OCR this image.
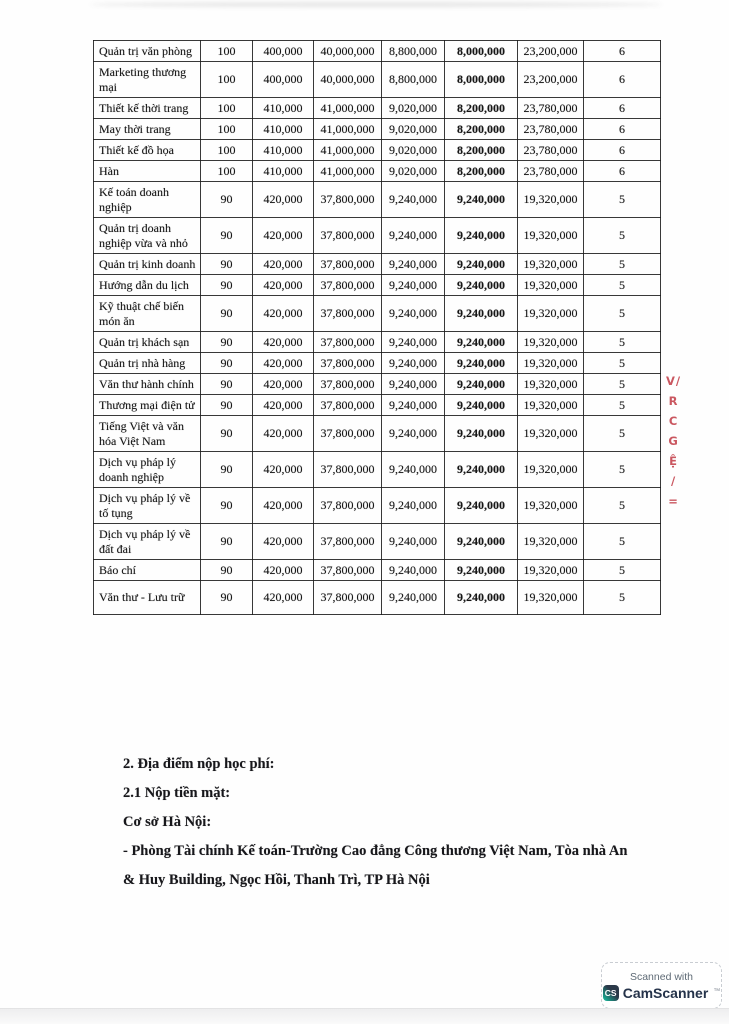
Quản trị văn phòng	100	400,000	40,000,000	8,800,000	8,000,000	23,200,000	6
Marketing thương mại	100	400,000	40,000,000	8,800,000	8,000,000	23,200,000	6
Thiết kế thời trang	100	410,000	41,000,000	9,020,000	8,200,000	23,780,000	6
May thời trang	100	410,000	41,000,000	9,020,000	8,200,000	23,780,000	6
Thiết kế đồ họa	100	410,000	41,000,000	9,020,000	8,200,000	23,780,000	6
Hàn	100	410,000	41,000,000	9,020,000	8,200,000	23,780,000	6
Kế toán doanh nghiệp	90	420,000	37,800,000	9,240,000	9,240,000	19,320,000	5
Quản trị doanh nghiệp vừa và nhỏ	90	420,000	37,800,000	9,240,000	9,240,000	19,320,000	5
Quản trị kinh doanh	90	420,000	37,800,000	9,240,000	9,240,000	19,320,000	5
Hướng dẫn du lịch	90	420,000	37,800,000	9,240,000	9,240,000	19,320,000	5
Kỹ thuật chế biến món ăn	90	420,000	37,800,000	9,240,000	9,240,000	19,320,000	5
Quản trị khách sạn	90	420,000	37,800,000	9,240,000	9,240,000	19,320,000	5
Quản trị nhà hàng	90	420,000	37,800,000	9,240,000	9,240,000	19,320,000	5
Văn thư hành chính	90	420,000	37,800,000	9,240,000	9,240,000	19,320,000	5
Thương mại điện tử	90	420,000	37,800,000	9,240,000	9,240,000	19,320,000	5
Tiếng Việt và văn hóa Việt Nam	90	420,000	37,800,000	9,240,000	9,240,000	19,320,000	5
Dịch vụ pháp lý doanh nghiệp	90	420,000	37,800,000	9,240,000	9,240,000	19,320,000	5
Dịch vụ pháp lý về tố tụng	90	420,000	37,800,000	9,240,000	9,240,000	19,320,000	5
Dịch vụ pháp lý về đất đai	90	420,000	37,800,000	9,240,000	9,240,000	19,320,000	5
Báo chí	90	420,000	37,800,000	9,240,000	9,240,000	19,320,000	5
Văn thư - Lưu trữ	90	420,000	37,800,000	9,240,000	9,240,000	19,320,000	5

2. Địa điểm nộp học phí:

2.1 Nộp tiền mặt:

Cơ sở Hà Nội:

- Phòng Tài chính Kế toán-Trường Cao đẳng Công thương Việt Nam, Tòa nhà An & Huy Building, Ngọc Hồi, Thanh Trì, TP Hà Nội

V/
R
C
G
Ệ
/
=
Scanned with
CS CamScanner ™
